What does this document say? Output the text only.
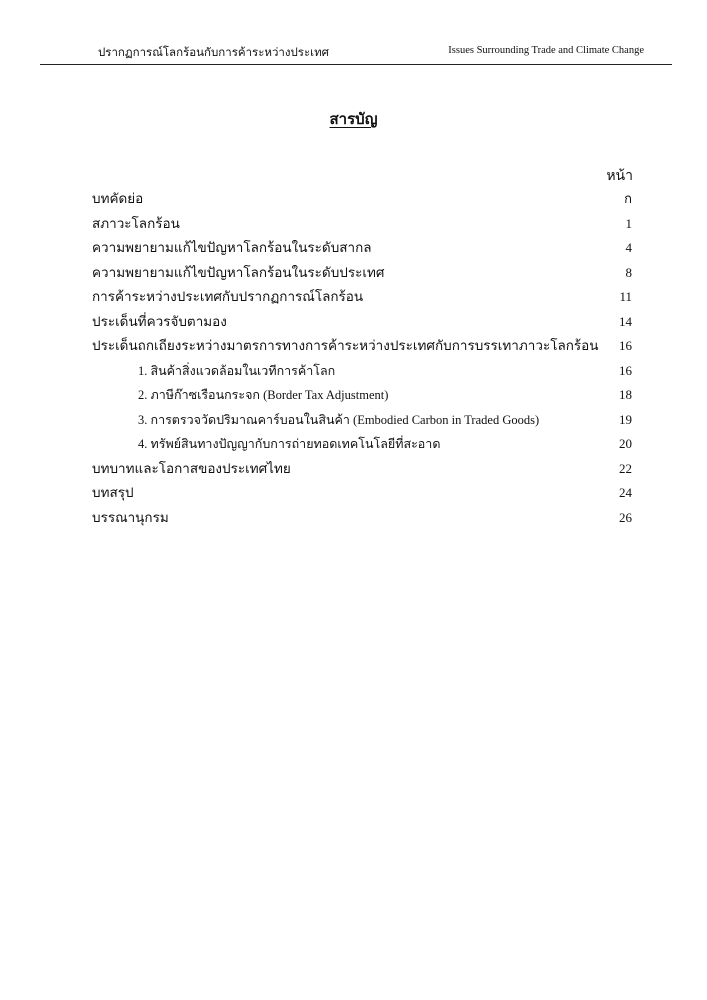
ปรากฏการณ์โลกร้อนกับการค้าระหว่างประเทศ	Issues Surrounding Trade and Climate Change
สารบัญ
หน้า
บทคัดย่อ	ก
สภาวะโลกร้อน	1
ความพยายามแก้ไขปัญหาโลกร้อนในระดับสากล	4
ความพยายามแก้ไขปัญหาโลกร้อนในระดับประเทศ	8
การค้าระหว่างประเทศกับปรากฏการณ์โลกร้อน	11
ประเด็นที่ควรจับตามอง	14
ประเด็นถกเถียงระหว่างมาตรการทางการค้าระหว่างประเทศกับการบรรเทาภาวะโลกร้อน 16
1. สินค้าสิ่งแวดล้อมในเวทีการค้าโลก	16
2. ภาษีก๊าซเรือนกระจก (Border Tax Adjustment)	18
3. การตรวจวัดปริมาณคาร์บอนในสินค้า (Embodied Carbon in Traded Goods)	19
4. ทรัพย์สินทางปัญญากับการถ่ายทอดเทคโนโลยีที่สะอาด	20
บทบาทและโอกาสของประเทศไทย	22
บทสรุป	24
บรรณานุกรม	26
